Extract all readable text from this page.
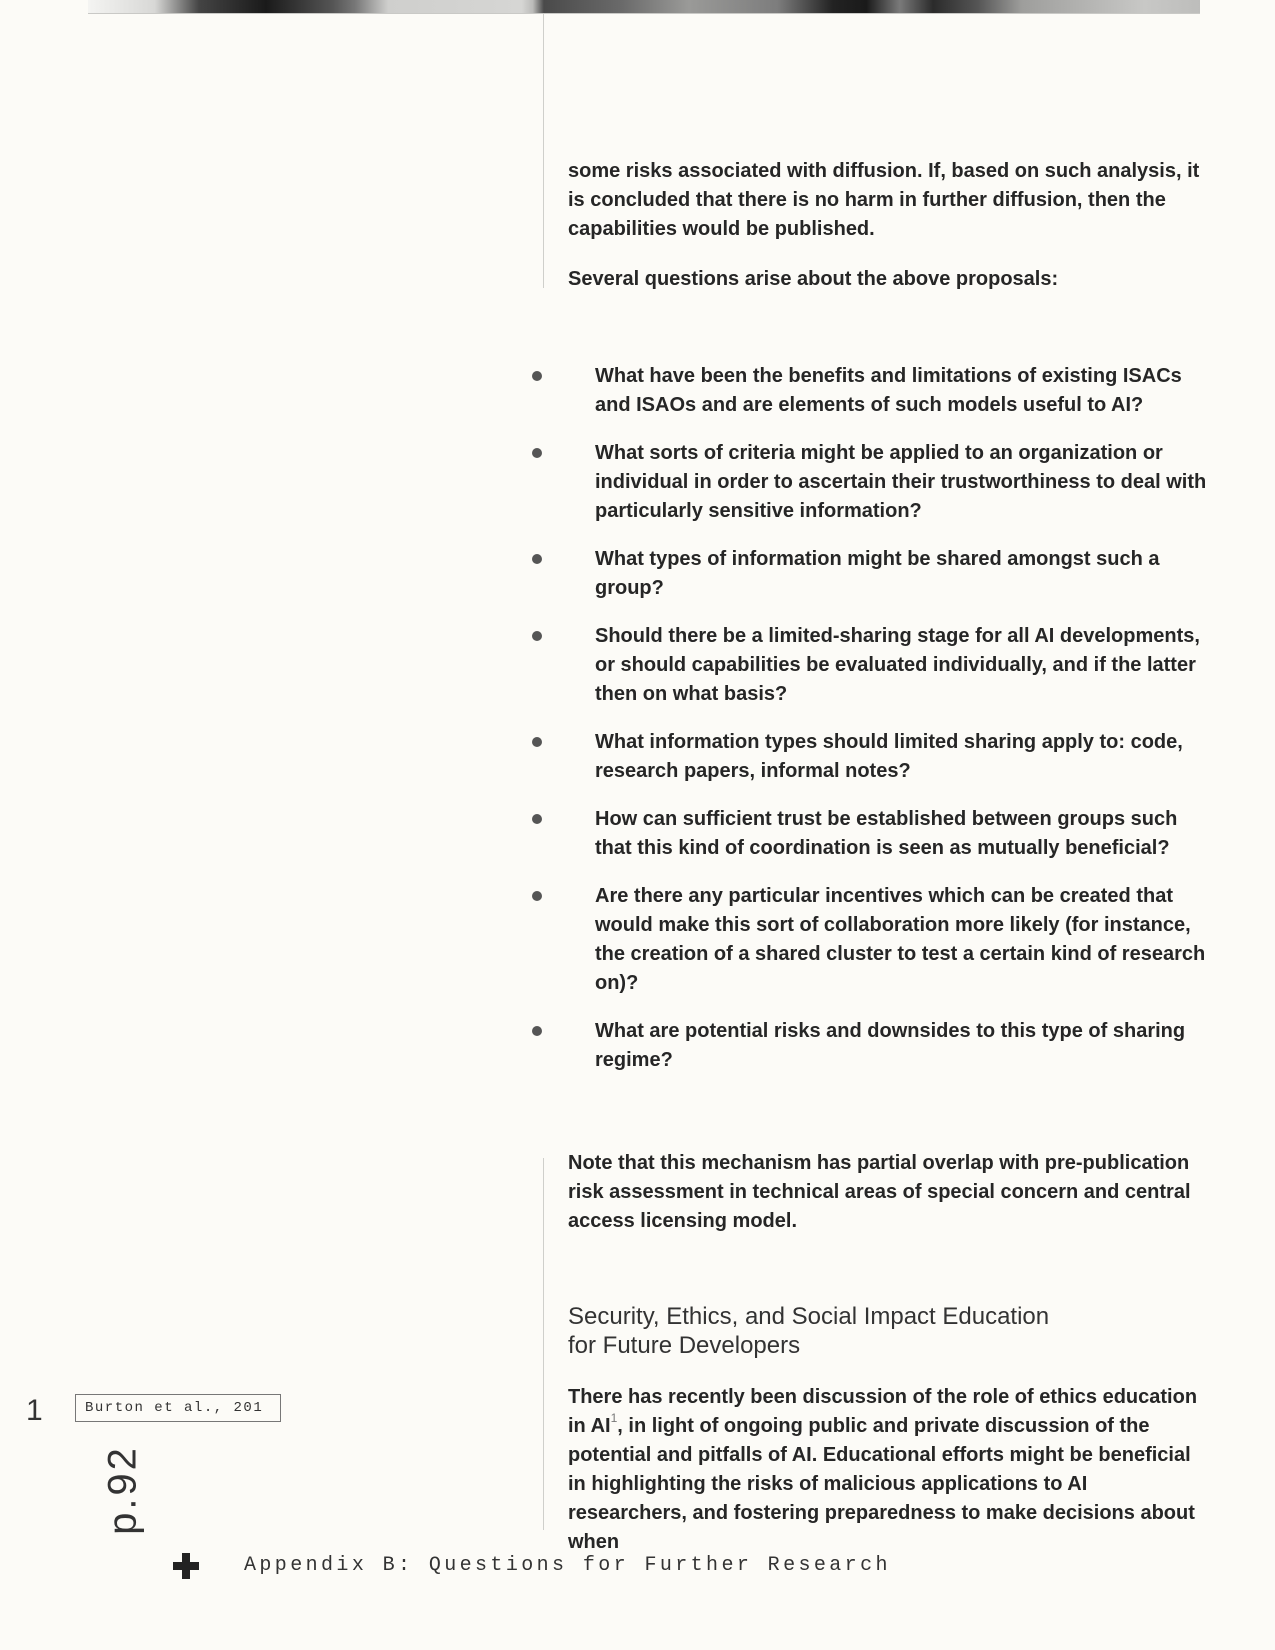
some risks associated with diffusion. If, based on such analysis, it is concluded that there is no harm in further diffusion, then the capabilities would be published.

Several questions arise about the above proposals:

What have been the benefits and limitations of existing ISACs and ISAOs and are elements of such models useful to AI?
What sorts of criteria might be applied to an organization or individual in order to ascertain their trustworthiness to deal with particularly sensitive information?
What types of information might be shared amongst such a group?
Should there be a limited-sharing stage for all AI developments, or should capabilities be evaluated individually, and if the latter then on what basis?
What information types should limited sharing apply to: code, research papers, informal notes?
How can sufficient trust be established between groups such that this kind of coordination is seen as mutually beneficial?
Are there any particular incentives which can be created that would make this sort of collaboration more likely (for instance, the creation of a shared cluster to test a certain kind of research on)?
What are potential risks and downsides to this type of sharing regime?

Note that this mechanism has partial overlap with pre-publication risk assessment in technical areas of special concern and central access licensing model.

Security, Ethics, and Social Impact Education
for Future Developers

There has recently been discussion of the role of ethics education in AI$^1$, in light of ongoing public and private discussion of the potential and pitfalls of AI. Educational efforts might be beneficial in highlighting the risks of malicious applications to AI researchers, and fostering preparedness to make decisions about when

1	Burton et al., 201
p.92
Appendix B: Questions for Further Research
